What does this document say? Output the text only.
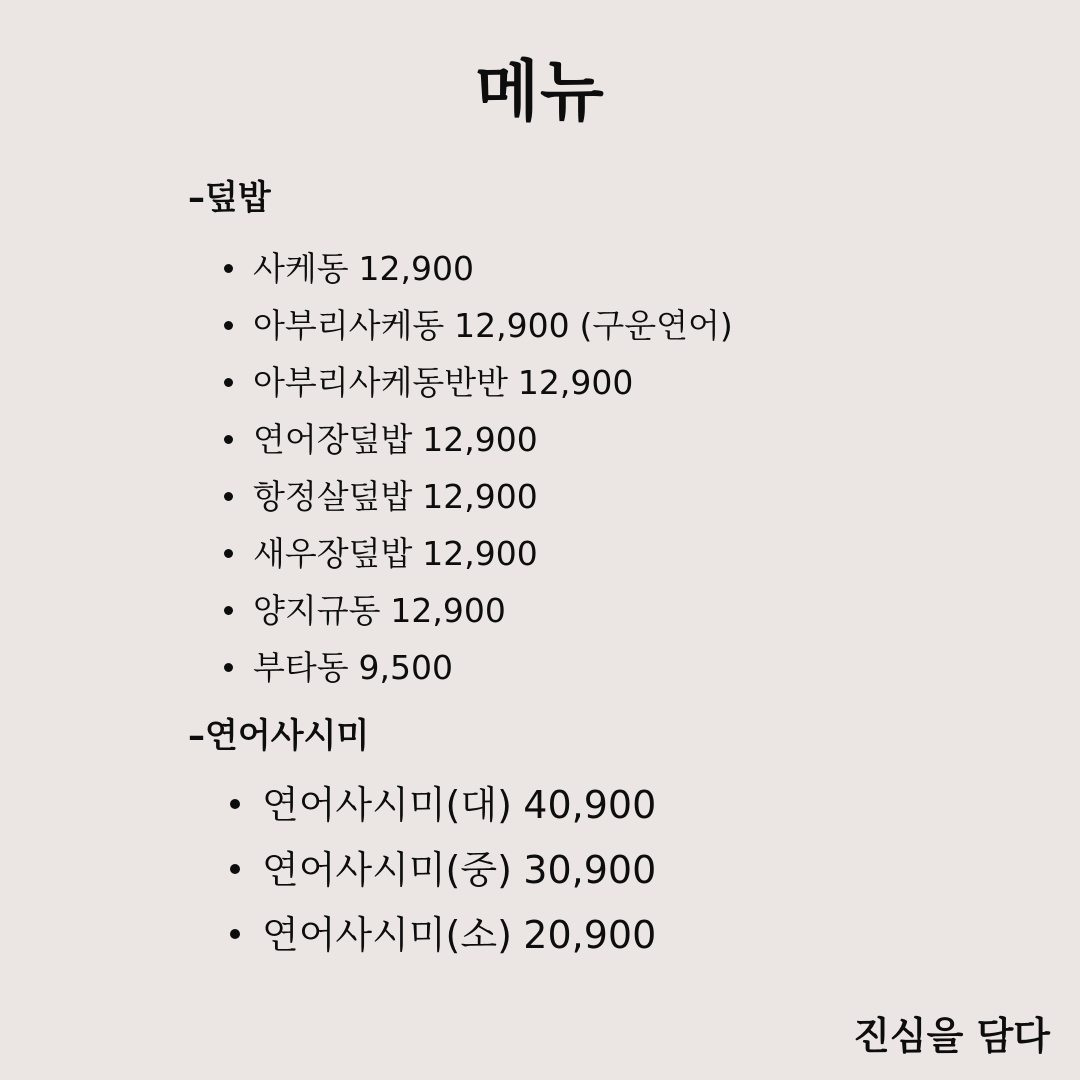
메뉴
–덮밥
사케동 12,900
아부리사케동 12,900 (구운연어)
아부리사케동반반 12,900
연어장덮밥 12,900
항정살덮밥 12,900
새우장덮밥 12,900
양지규동 12,900
부타동 9,500
–연어사시미
연어사시미(대) 40,900
연어사시미(중) 30,900
연어사시미(소) 20,900
진심을 담다
